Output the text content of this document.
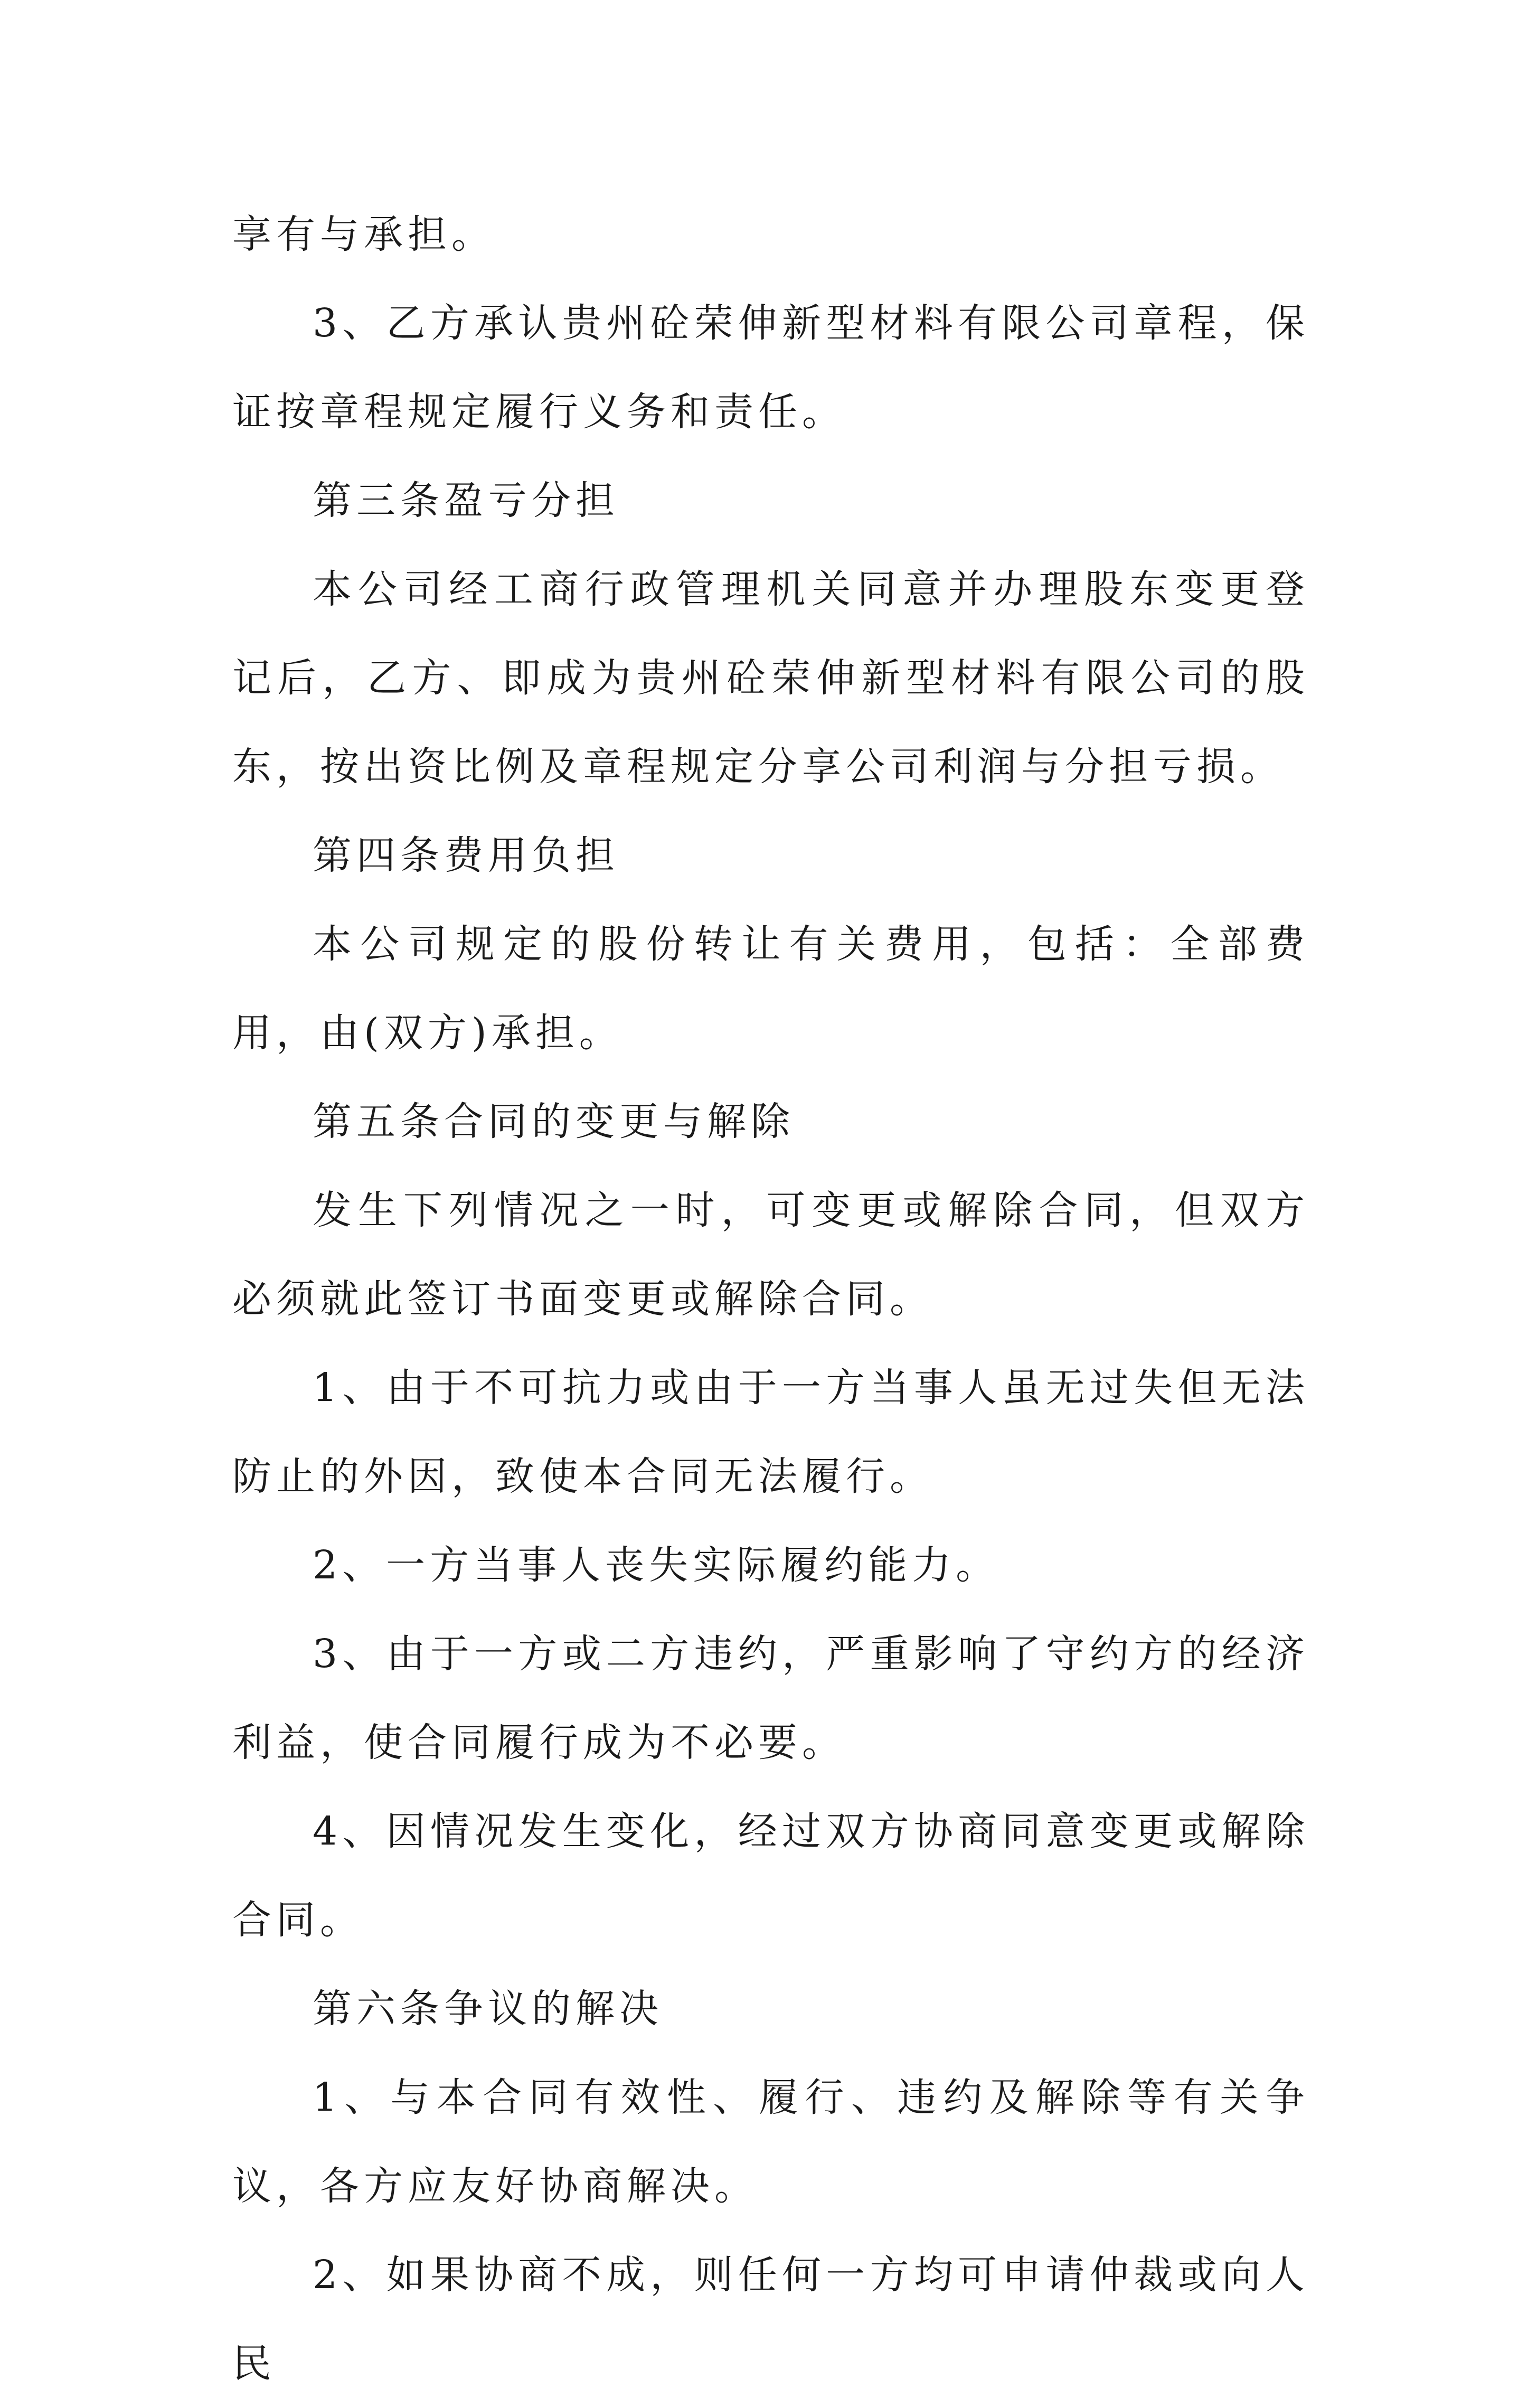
享有与承担。

3、乙方承认贵州砼荣伸新型材料有限公司章程，保证按章程规定履行义务和责任。

第三条盈亏分担

本公司经工商行政管理机关同意并办理股东变更登记后，乙方、即成为贵州砼荣伸新型材料有限公司的股东，按出资比例及章程规定分享公司利润与分担亏损。

第四条费用负担

本公司规定的股份转让有关费用，包括：全部费用，由(双方)承担。

第五条合同的变更与解除

发生下列情况之一时，可变更或解除合同，但双方必须就此签订书面变更或解除合同。

1、由于不可抗力或由于一方当事人虽无过失但无法防止的外因，致使本合同无法履行。

2、一方当事人丧失实际履约能力。

3、由于一方或二方违约，严重影响了守约方的经济利益，使合同履行成为不必要。

4、因情况发生变化，经过双方协商同意变更或解除合同。

第六条争议的解决

1、与本合同有效性、履行、违约及解除等有关争议，各方应友好协商解决。

2、如果协商不成，则任何一方均可申请仲裁或向人民
